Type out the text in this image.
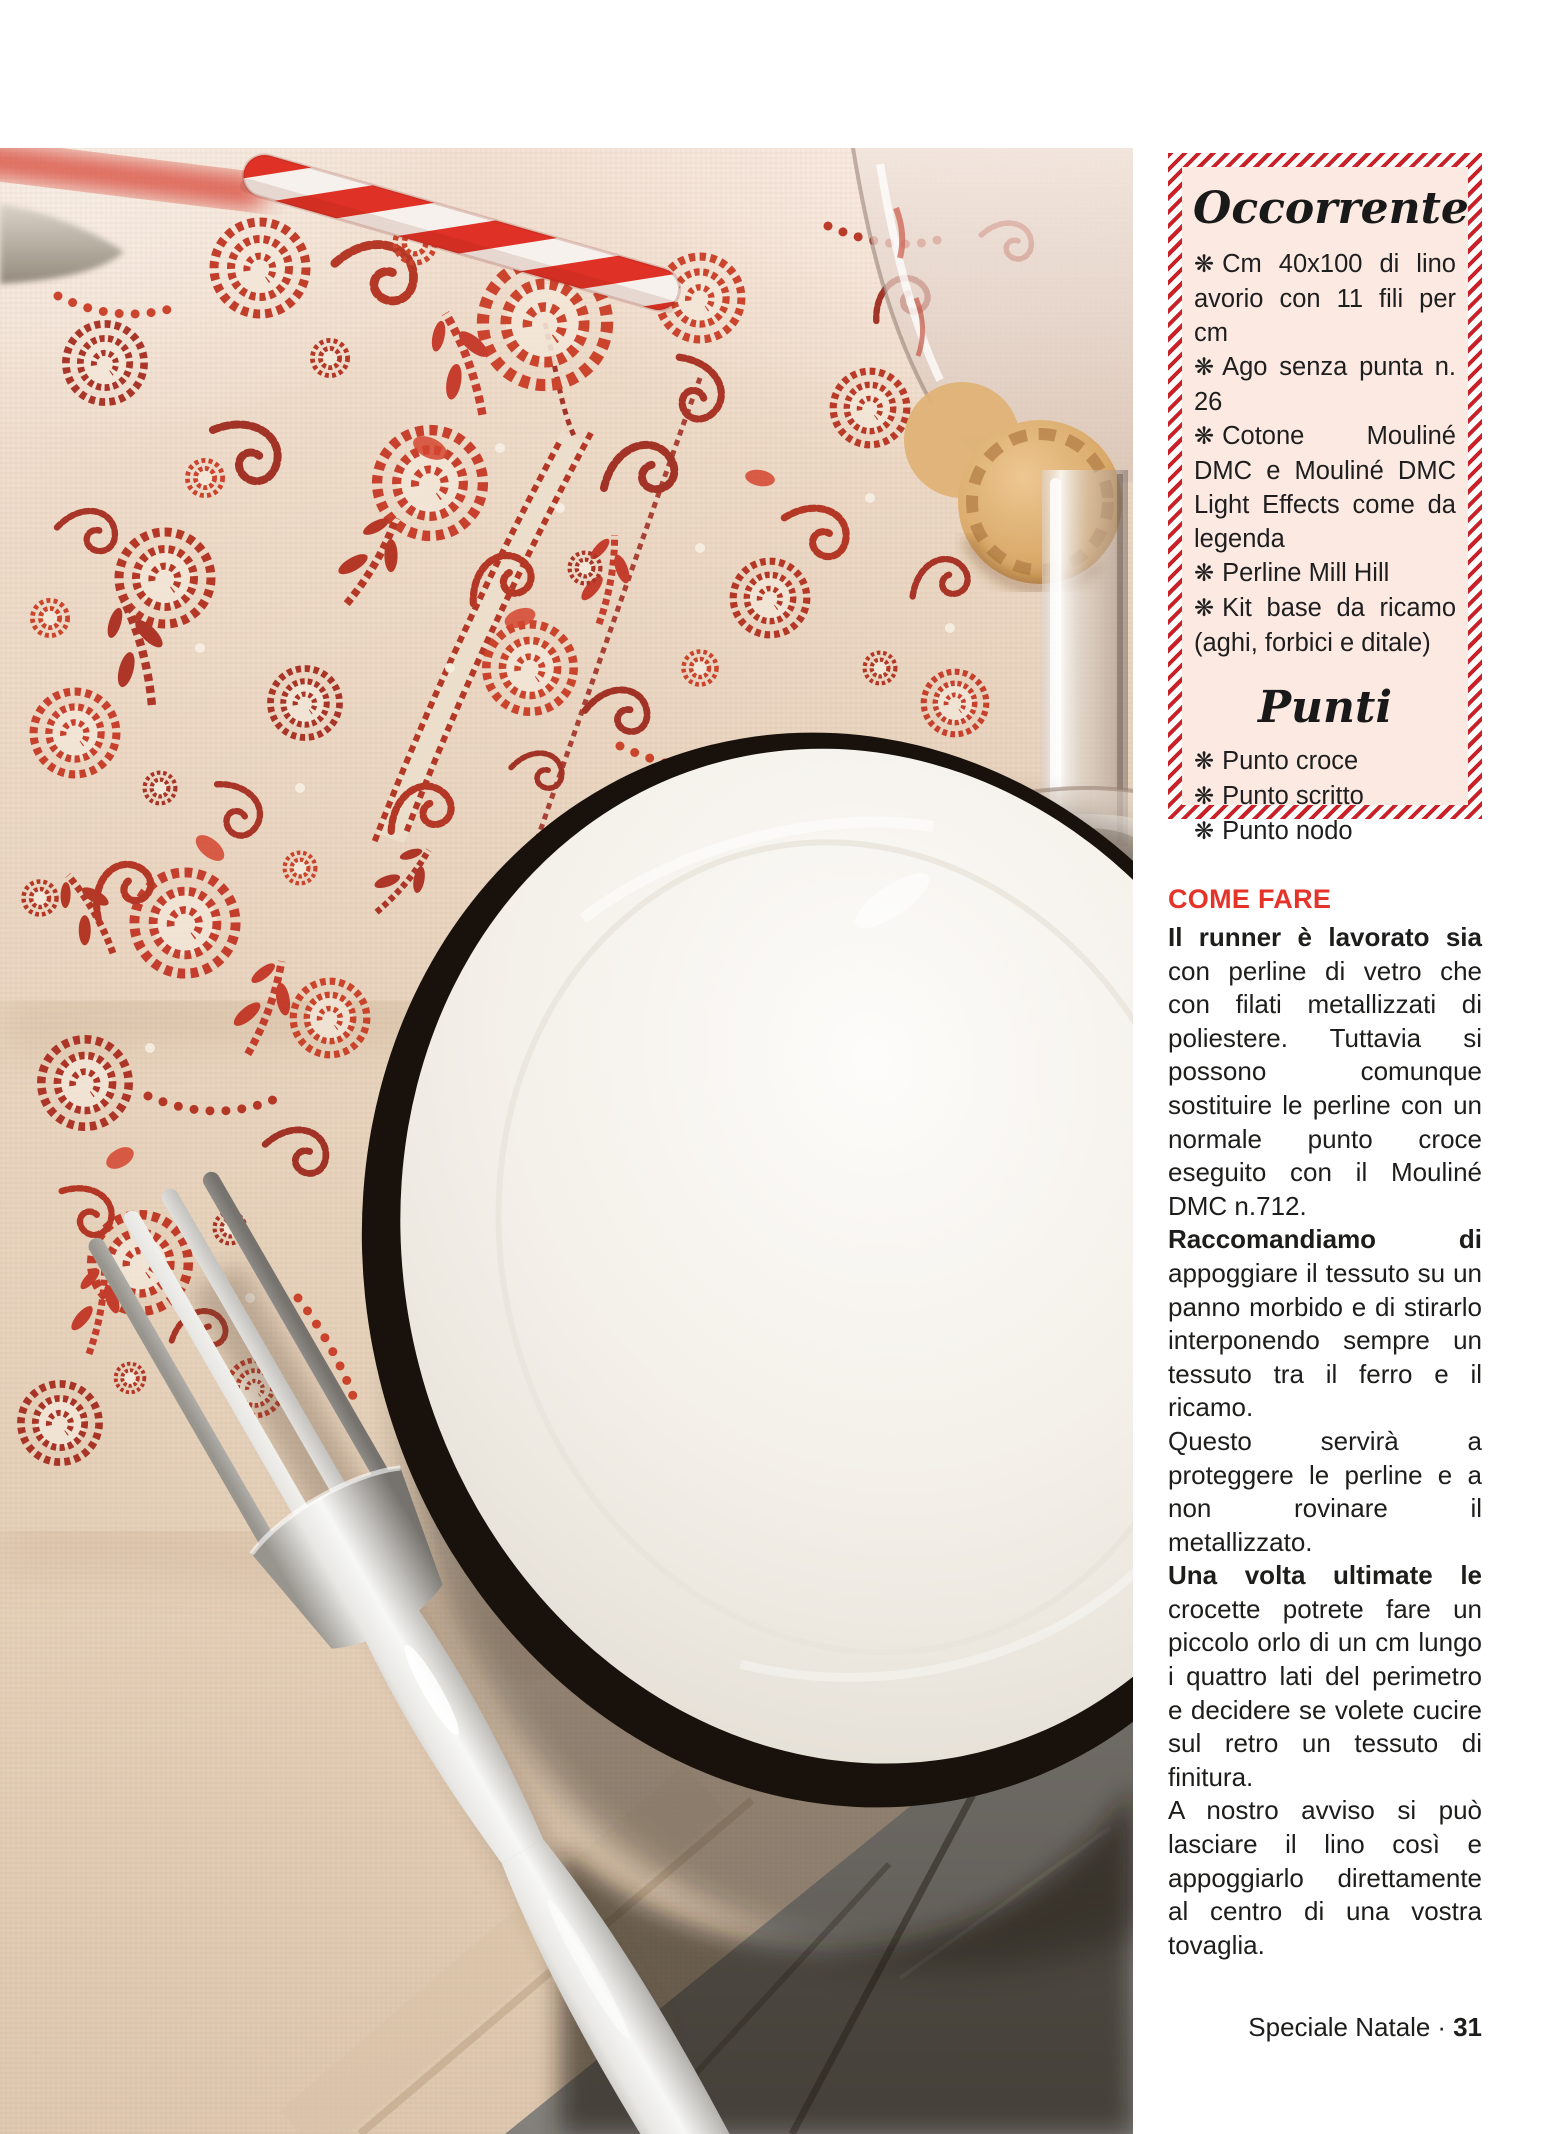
Occorrente
❋ Cm 40x100 di lino avorio con 11 fili per cm
❋ Ago senza punta n. 26
❋ Cotone Mouliné DMC e Mouliné DMC Light Effects come da legenda
❋ Perline Mill Hill
❋ Kit base da ricamo (aghi, forbici e ditale)
Punti
❋ Punto croce
❋ Punto scritto
❋ Punto nodo
COME FARE

Il runner è lavorato sia con perline di vetro che con filati metallizzati di poliestere. Tuttavia si possono comunque sostituire le perline con un normale punto croce eseguito con il Mouliné DMC n.712.

Raccomandiamo di appoggiare il tessuto su un panno morbido e di stirarlo interponendo sempre un tessuto tra il ferro e il ricamo.

Questo servirà a proteggere le perline e a non rovinare il metallizzato.

Una volta ultimate le crocette potrete fare un piccolo orlo di un cm lungo i quattro lati del perimetro e decidere se volete cucire sul retro un tessuto di finitura.

A nostro avviso si può lasciare il lino così e appoggiarlo direttamente al centro di una vostra tovaglia.

Speciale Natale · 31
